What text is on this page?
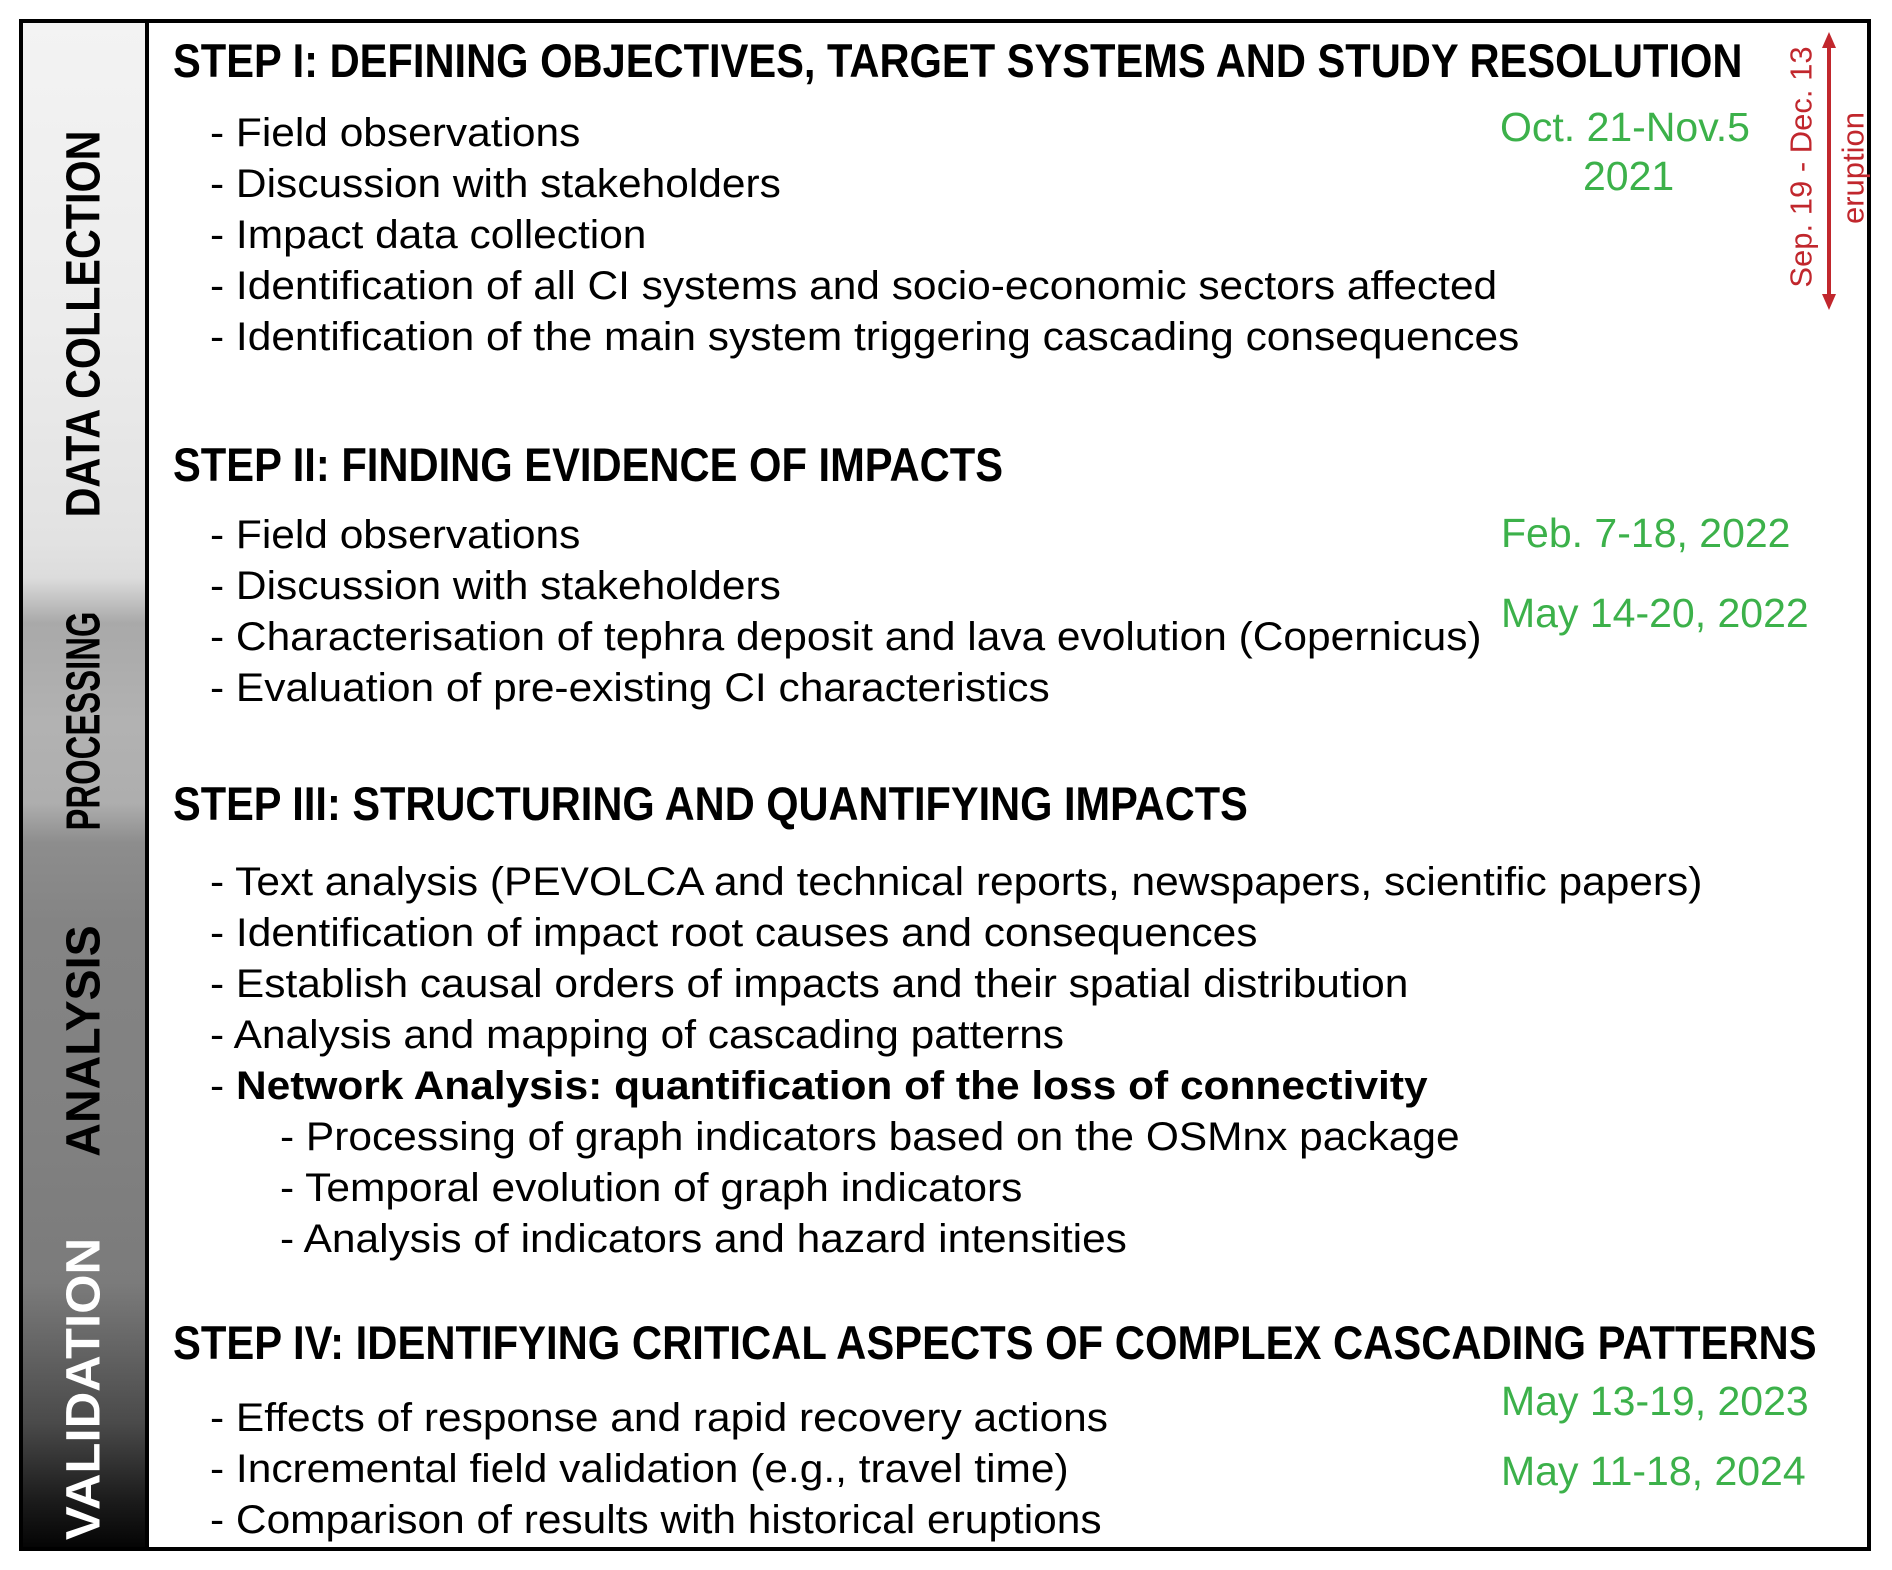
DATA COLLECTION
PROCESSING
ANALYSIS
VALIDATION
STEP I: DEFINING OBJECTIVES, TARGET SYSTEMS AND STUDY RESOLUTION
- Field observations
- Discussion with stakeholders
- Impact data collection
- Identification of all CI systems and socio-economic sectors affected
- Identification of the main system triggering cascading consequences
Oct. 21-Nov.5
2021
STEP II: FINDING EVIDENCE OF IMPACTS
- Field observations
- Discussion with stakeholders
- Characterisation of tephra deposit and lava evolution (Copernicus)
- Evaluation of pre-existing CI characteristics
Feb. 7-18, 2022
May 14-20, 2022
STEP III: STRUCTURING AND QUANTIFYING IMPACTS
- Text analysis (PEVOLCA and technical reports, newspapers, scientific papers)
- Identification of impact root causes and consequences
- Establish causal orders of impacts and their spatial distribution
- Analysis and mapping of cascading patterns
- Network Analysis: quantification of the loss of connectivity
- Processing of graph indicators based on the OSMnx package
- Temporal evolution of graph indicators
- Analysis of indicators and hazard intensities
STEP IV: IDENTIFYING CRITICAL ASPECTS OF COMPLEX CASCADING PATTERNS
- Effects of response and rapid recovery actions
- Incremental field validation (e.g., travel time)
- Comparison of results with historical eruptions
May 13-19, 2023
May 11-18, 2024
Sep. 19 - Dec. 13 eruption
